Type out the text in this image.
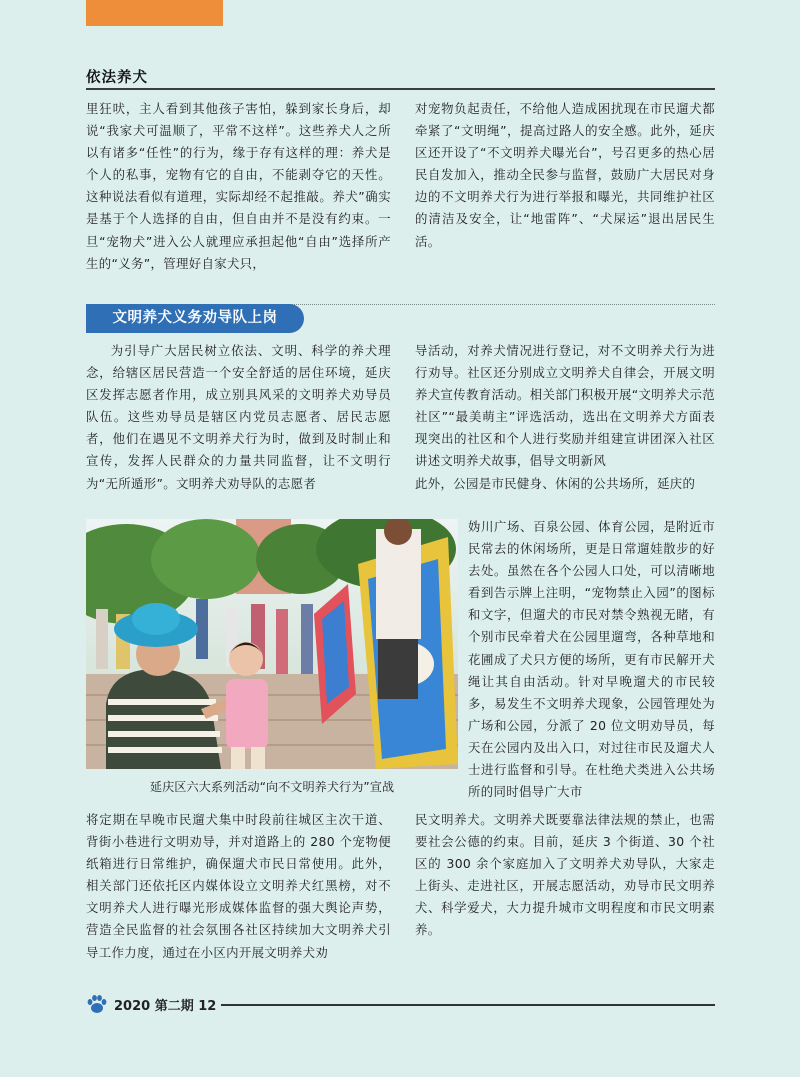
依法养犬

里狂吠，主人看到其他孩子害怕，躲到家长身后，却说“我家犬可温顺了，平常不这样”。这些养犬人之所以有诸多“任性”的行为，缘于存有这样的理：养犬是个人的私事，宠物有它的自由，不能剥夺它的天性。这种说法看似有道理，实际却经不起推敲。养犬”确实是基于个人选择的自由，但自由并不是没有约束。一旦“宠物犬”进入公人就理应承担起他“自由”选择所产生的“义务”，管理好自家犬只，

对宠物负起责任，不给他人造成困扰现在市民遛犬都牵紧了“文明绳”，提高过路人的安全感。此外，延庆区还开设了“不文明养犬曝光台”，号召更多的热心居民自发加入，推动全民参与监督，鼓励广大居民对身边的不文明养犬行为进行举报和曝光，共同维护社区的清洁及安全，让“地雷阵”、“犬屎运”退出居民生活。

文明养犬义务劝导队上岗

为引导广大居民树立依法、文明、科学的养犬理念，给辖区居民营造一个安全舒适的居住环境，延庆区发挥志愿者作用，成立别具风采的文明养犬劝导员队伍。这些劝导员是辖区内党员志愿者、居民志愿者，他们在遇见不文明养犬行为时，做到及时制止和宣传，发挥人民群众的力量共同监督，让不文明行为“无所遁形”。文明养犬劝导队的志愿者

导活动，对养犬情况进行登记，对不文明养犬行为进行劝导。社区还分别成立文明养犬自律会，开展文明养犬宣传教育活动。相关部门积极开展“文明养犬示范社区”“最美萌主”评选活动，选出在文明养犬方面表现突出的社区和个人进行奖励并组建宣讲团深入社区讲述文明养犬故事，倡导文明新风

此外，公园是市民健身、休闲的公共场所，延庆的

妫川广场、百泉公园、体育公园，是附近市民常去的休闲场所，更是日常遛娃散步的好去处。虽然在各个公园人口处，可以清晰地看到告示牌上注明，“宠物禁止入园”的图标和文字，但遛犬的市民对禁令熟视无睹，有个别市民牵着犬在公园里遛弯，各种草地和花圃成了犬只方便的场所，更有市民解开犬绳让其自由活动。针对早晚遛犬的市民较多，易发生不文明养犬现象，公园管理处为广场和公园，分派了 20 位文明劝导员，每天在公园内及出入口，对过往市民及遛犬人士进行监督和引导。在杜绝犬类进入公共场所的同时倡导广大市

延庆区六大系列活动“向不文明养犬行为”宣战

将定期在早晚市民遛犬集中时段前往城区主次干道、背街小巷进行文明劝导，并对道路上的 280 个宠物便纸箱进行日常维护，确保遛犬市民日常使用。此外，相关部门还依托区内媒体设立文明养犬红黑榜，对不文明养犬人进行曝光形成媒体监督的强大舆论声势，营造全民监督的社会氛围各社区持续加大文明养犬引导工作力度，通过在小区内开展文明养犬劝

民文明养犬。文明养犬既要靠法律法规的禁止，也需要社会公德的约束。目前，延庆 3 个街道、30 个社区的 300 余个家庭加入了文明养犬劝导队，大家走上街头、走进社区，开展志愿活动，劝导市民文明养犬、科学爱犬，大力提升城市文明程度和市民文明素养。

2020 第二期 12
